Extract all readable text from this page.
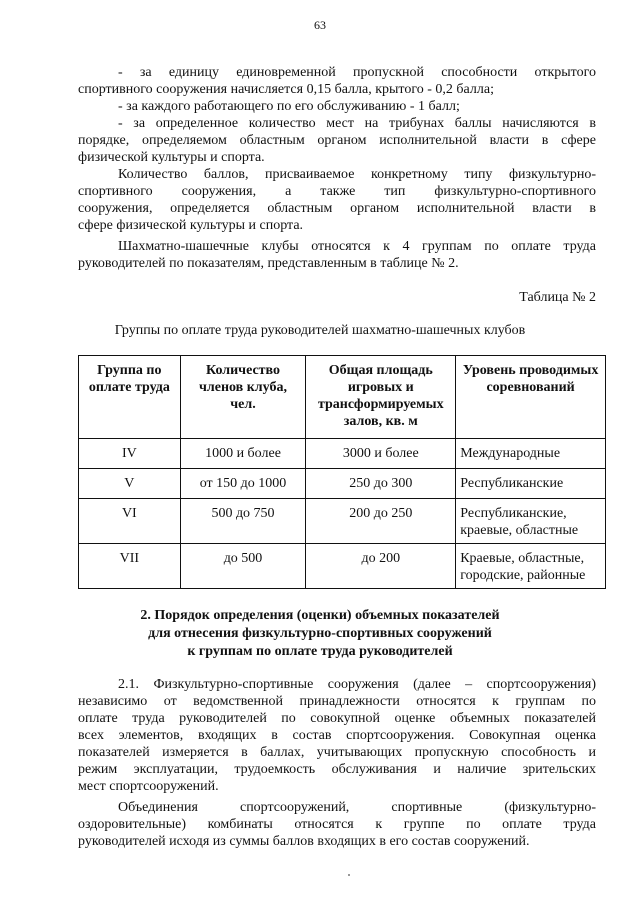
63
- за единицу единовременной пропускной способности открытого
спортивного сооружения начисляется 0,15 балла, крытого - 0,2 балла;
- за каждого работающего по его обслуживанию - 1 балл;
- за определенное количество мест на трибунах баллы начисляются в
порядке, определяемом областным органом исполнительной власти в сфере
физической культуры и спорта.
Количество баллов, присваиваемое конкретному типу физкультурно-
спортивного сооружения, а также тип физкультурно-спортивного
сооружения, определяется областным органом исполнительной власти в
сфере физической культуры и спорта.
Шахматно-шашечные клубы относятся к 4 группам по оплате труда
руководителей по показателям, представленным в таблице № 2.
Таблица № 2
Группы по оплате труда руководителей шахматно-шашечных клубов
Группа по оплате труда	Количество членов клуба, чел.	Общая площадь игровых и трансформируемых залов, кв. м	Уровень проводимых соревнований
IV	1000 и более	3000 и более	Международные
V	от 150 до 1000	250 до 300	Республиканские
VI	500 до 750	200 до 250	Республиканские, краевые, областные
VII	до 500	до 200	Краевые, областные, городские, районные
2. Порядок определения (оценки) объемных показателей
для отнесения физкультурно-спортивных сооружений
к группам по оплате труда руководителей
2.1. Физкультурно-спортивные сооружения (далее – спортсооружения)
независимо от ведомственной принадлежности относятся к группам по
оплате труда руководителей по совокупной оценке объемных показателей
всех элементов, входящих в состав спортсооружения. Совокупная оценка
показателей измеряется в баллах, учитывающих пропускную способность и
режим эксплуатации, трудоемкость обслуживания и наличие зрительских
мест спортсооружений.
Объединения спортсооружений, спортивные (физкультурно-
оздоровительные) комбинаты относятся к группе по оплате труда
руководителей исходя из суммы баллов входящих в его состав сооружений.
